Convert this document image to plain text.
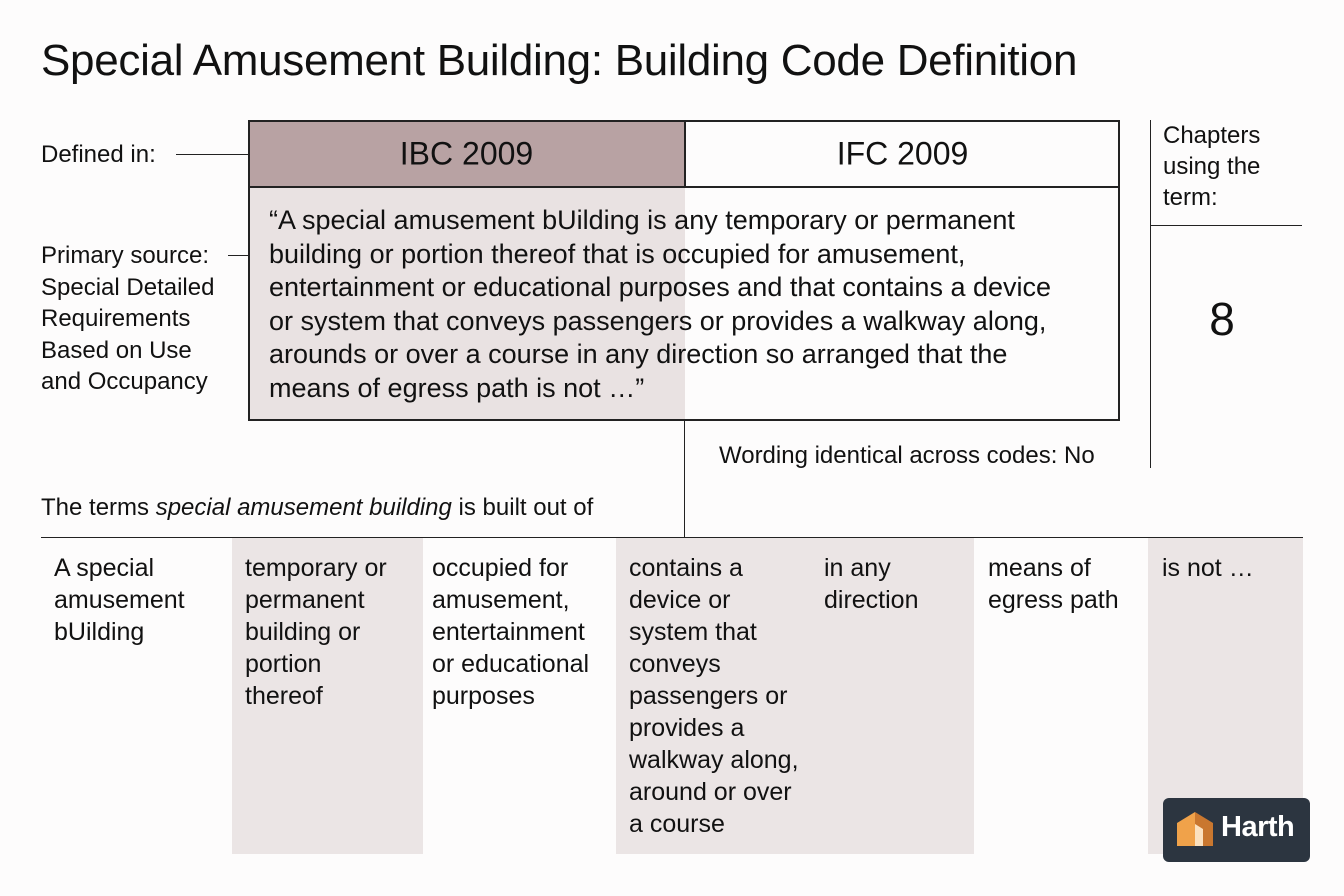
Special Amusement Building: Building Code Definition
Defined in:
Primary source:
Special Detailed
Requirements
Based on Use
and Occupancy
IBC 2009	IFC 2009
“A special amusement bUilding is any temporary or permanent
building or portion thereof that is occupied for amusement,
entertainment or educational purposes and that contains a device
or system that conveys passengers or provides a walkway along,
arounds or over a course in any direction so arranged that the
means of egress path is not …”
Chapters
using the
term:
8
Wording identical across codes: No
The terms special amusement building is built out of
A special
amusement
bUilding
temporary or
permanent
building or
portion
thereof
occupied for
amusement,
entertainment
or educational
purposes
contains a
device or
system that
conveys
passengers or
provides a
walkway along,
around or over
a course
in any
direction
means of
egress path
is not …
Harth
